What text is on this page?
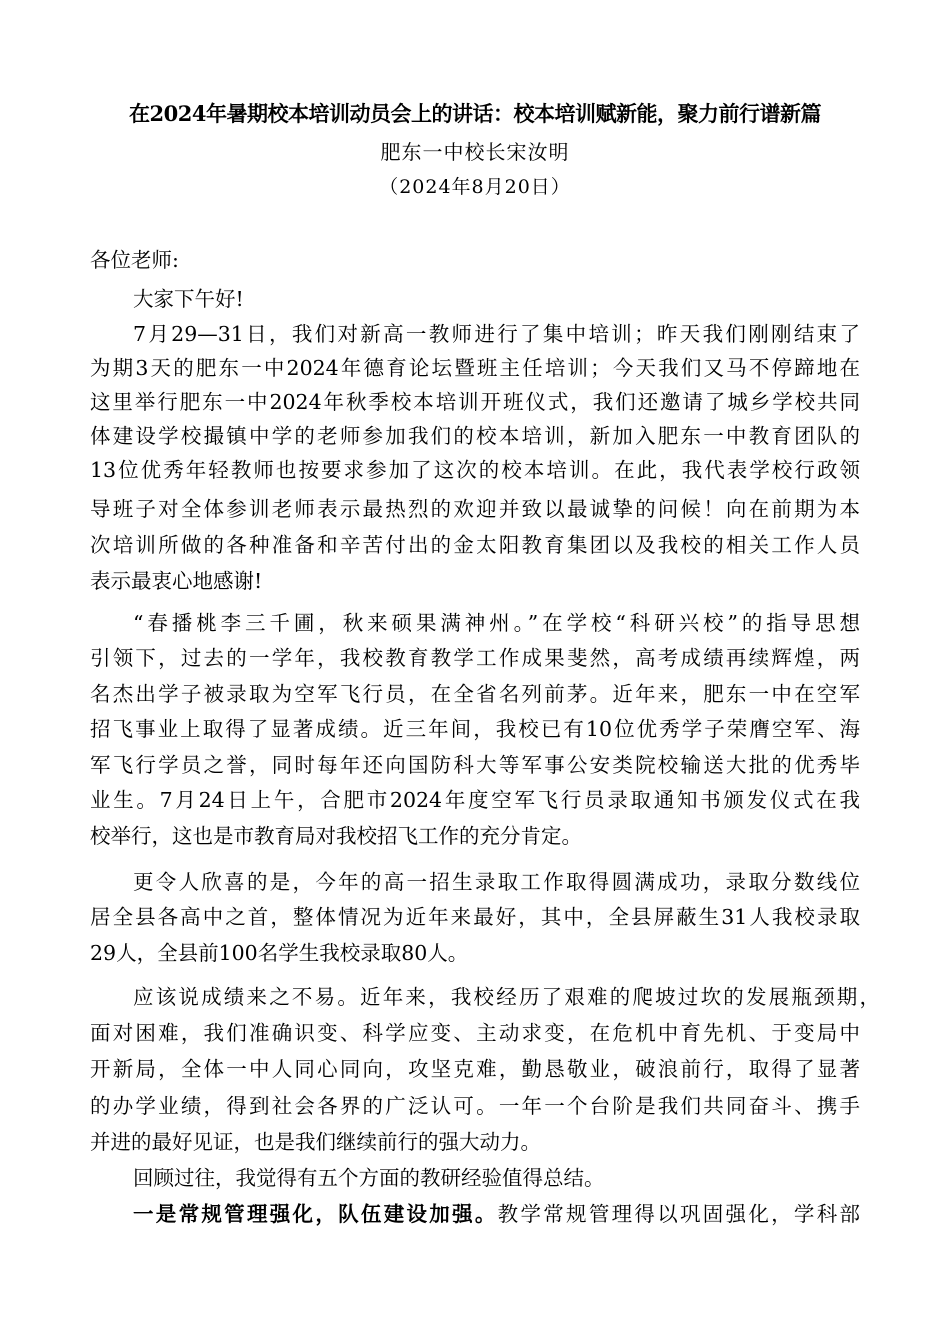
在2024年暑期校本培训动员会上的讲话：校本培训赋新能，聚力前行谱新篇
肥东一中校长宋汝明
（2024年8月20日）
各位老师:
大家下午好!
7月29—31日，我们对新高一教师进行了集中培训；昨天我们刚刚结束了
为期3天的肥东一中2024年德育论坛暨班主任培训；今天我们又马不停蹄地在
这里举行肥东一中2024年秋季校本培训开班仪式，我们还邀请了城乡学校共同
体建设学校撮镇中学的老师参加我们的校本培训，新加入肥东一中教育团队的
13位优秀年轻教师也按要求参加了这次的校本培训。在此，我代表学校行政领
导班子对全体参训老师表示最热烈的欢迎并致以最诚挚的问候！向在前期为本
次培训所做的各种准备和辛苦付出的金太阳教育集团以及我校的相关工作人员
表示最衷心地感谢!
“春播桃李三千圃，秋来硕果满神州。”在学校“科研兴校”的指导思想
引领下，过去的一学年，我校教育教学工作成果斐然，高考成绩再续辉煌，两
名杰出学子被录取为空军飞行员，在全省名列前茅。近年来，肥东一中在空军
招飞事业上取得了显著成绩。近三年间，我校已有10位优秀学子荣膺空军、海
军飞行学员之誉，同时每年还向国防科大等军事公安类院校输送大批的优秀毕
业生。7月24日上午，合肥市2024年度空军飞行员录取通知书颁发仪式在我
校举行，这也是市教育局对我校招飞工作的充分肯定。
更令人欣喜的是，今年的高一招生录取工作取得圆满成功，录取分数线位
居全县各高中之首，整体情况为近年来最好，其中，全县屏蔽生31人我校录取
29人，全县前100名学生我校录取80人。
应该说成绩来之不易。近年来，我校经历了艰难的爬坡过坎的发展瓶颈期，
面对困难，我们准确识变、科学应变、主动求变，在危机中育先机、于变局中
开新局，全体一中人同心同向，攻坚克难，勤恳敬业，破浪前行，取得了显著
的办学业绩，得到社会各界的广泛认可。一年一个台阶是我们共同奋斗、携手
并进的最好见证，也是我们继续前行的强大动力。
回顾过往，我觉得有五个方面的教研经验值得总结。
一是常规管理强化，队伍建设加强。教学常规管理得以巩固强化，学科部
